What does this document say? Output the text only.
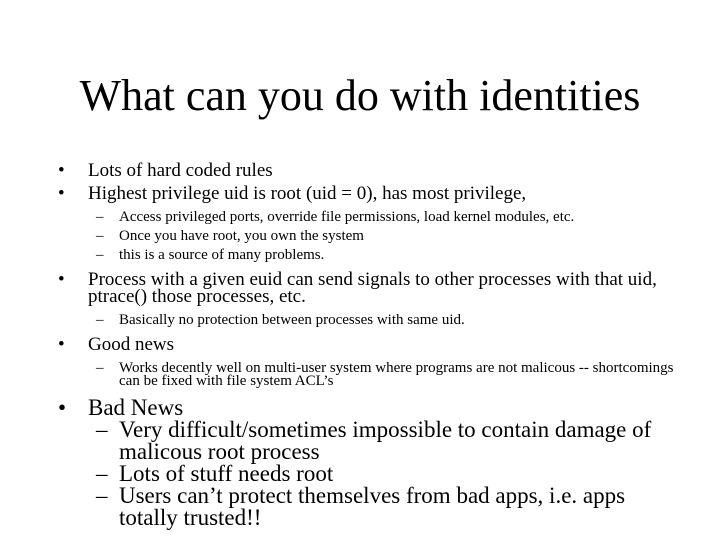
What can you do with identities
• Lots of hard coded rules
• Highest privilege uid is root (uid = 0), has most privilege,
– Access privileged ports, override file permissions, load kernel modules, etc.
– Once you have root, you own the system
– this is a source of many problems.
• Process with a given euid can send signals to other processes with that uid, ptrace() those processes, etc.
– Basically no protection between processes with same uid.
• Good news
– Works decently well on multi-user system where programs are not malicous -- shortcomings can be fixed with file system ACL’s
• Bad News
– Very difficult/sometimes impossible to contain damage of malicous root process
– Lots of stuff needs root
– Users can’t protect themselves from bad apps, i.e. apps totally trusted!!
